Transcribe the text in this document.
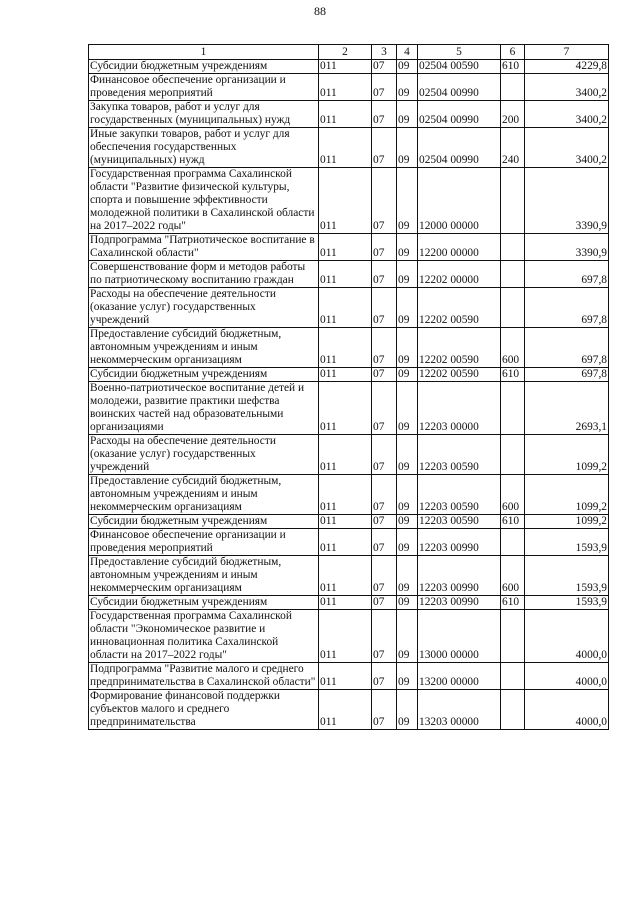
88
1	2	3	4	5	6	7
Субсидии бюджетным учреждениям	011	07	09	02504 00590	610	4229,8
Финансовое обеспечение организации и проведения мероприятий	011	07	09	02504 00990		3400,2
Закупка товаров, работ и услуг для государственных (муниципальных) нужд	011	07	09	02504 00990	200	3400,2
Иные закупки товаров, работ и услуг для обеспечения государственных (муниципальных) нужд	011	07	09	02504 00990	240	3400,2
Государственная программа Сахалинской области "Развитие физической культуры, спорта и повышение эффективности молодежной политики в Сахалинской области на 2017–2022 годы"	011	07	09	12000 00000		3390,9
Подпрограмма "Патриотическое воспитание в Сахалинской области"	011	07	09	12200 00000		3390,9
Совершенствование форм и методов работы по патриотическому воспитанию граждан	011	07	09	12202 00000		697,8
Расходы на обеспечение деятельности (оказание услуг) государственных учреждений	011	07	09	12202 00590		697,8
Предоставление субсидий бюджетным, автономным учреждениям и иным некоммерческим организациям	011	07	09	12202 00590	600	697,8
Субсидии бюджетным учреждениям	011	07	09	12202 00590	610	697,8
Военно-патриотическое воспитание детей и молодежи, развитие практики шефства воинских частей над образовательными организациями	011	07	09	12203 00000		2693,1
Расходы на обеспечение деятельности (оказание услуг) государственных учреждений	011	07	09	12203 00590		1099,2
Предоставление субсидий бюджетным, автономным учреждениям и иным некоммерческим организациям	011	07	09	12203 00590	600	1099,2
Субсидии бюджетным учреждениям	011	07	09	12203 00590	610	1099,2
Финансовое обеспечение организации и проведения мероприятий	011	07	09	12203 00990		1593,9
Предоставление субсидий бюджетным, автономным учреждениям и иным некоммерческим организациям	011	07	09	12203 00990	600	1593,9
Субсидии бюджетным учреждениям	011	07	09	12203 00990	610	1593,9
Государственная программа Сахалинской области "Экономическое развитие и инновационная политика Сахалинской области на 2017–2022 годы"	011	07	09	13000 00000		4000,0
Подпрограмма "Развитие малого и среднего предпринимательства в Сахалинской области"	011	07	09	13200 00000		4000,0
Формирование финансовой поддержки субъектов малого и среднего предпринимательства	011	07	09	13203 00000		4000,0
